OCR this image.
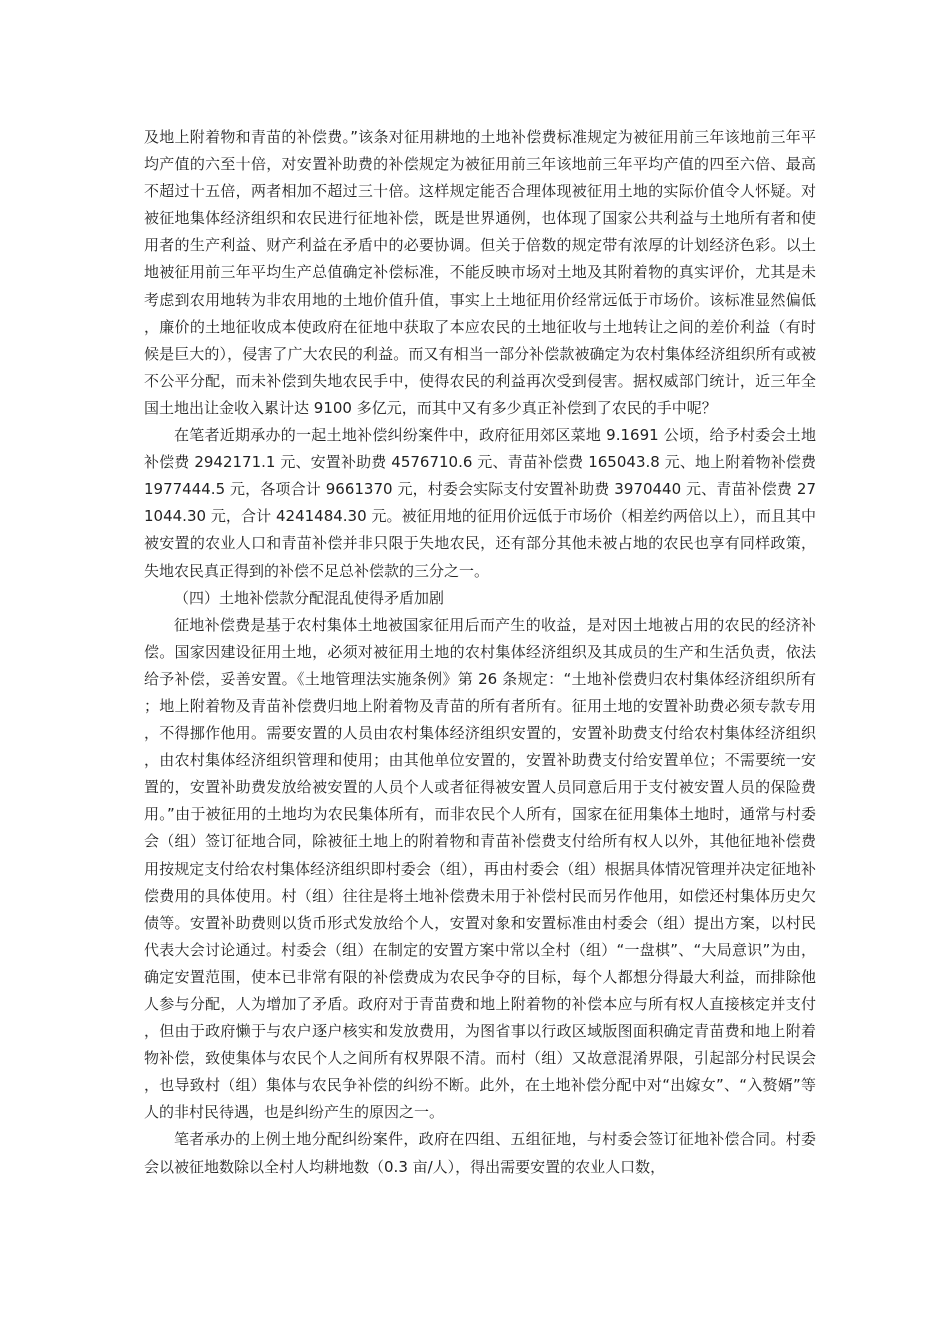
及地上附着物和青苗的补偿费。”该条对征用耕地的土地补偿费标准规定为被征用前三年该地前三年平均产值的六至十倍，对安置补助费的补偿规定为被征用前三年该地前三年平均产值的四至六倍、最高不超过十五倍，两者相加不超过三十倍。这样规定能否合理体现被征用土地的实际价值令人怀疑。对被征地集体经济组织和农民进行征地补偿，既是世界通例，也体现了国家公共利益与土地所有者和使用者的生产利益、财产利益在矛盾中的必要协调。但关于倍数的规定带有浓厚的计划经济色彩。以土地被征用前三年平均生产总值确定补偿标准，不能反映市场对土地及其附着物的真实评价，尤其是未考虑到农用地转为非农用地的土地价值升值，事实上土地征用价经常远低于市场价。该标准显然偏低，廉价的土地征收成本使政府在征地中获取了本应农民的土地征收与土地转让之间的差价利益（有时候是巨大的），侵害了广大农民的利益。而又有相当一部分补偿款被确定为农村集体经济组织所有或被不公平分配，而未补偿到失地农民手中，使得农民的利益再次受到侵害。据权威部门统计，近三年全国土地出让金收入累计达 9100 多亿元，而其中又有多少真正补偿到了农民的手中呢？

在笔者近期承办的一起土地补偿纠纷案件中，政府征用郊区菜地 9.1691 公顷，给予村委会土地补偿费 2942171.1 元、安置补助费 4576710.6 元、青苗补偿费 165043.8 元、地上附着物补偿费 1977444.5 元，各项合计 9661370 元，村委会实际支付安置补助费 3970440 元、青苗补偿费 271044.30 元，合计 4241484.30 元。被征用地的征用价远低于市场价（相差约两倍以上），而且其中被安置的农业人口和青苗补偿并非只限于失地农民，还有部分其他未被占地的农民也享有同样政策，失地农民真正得到的补偿不足总补偿款的三分之一。

（四）土地补偿款分配混乱使得矛盾加剧

征地补偿费是基于农村集体土地被国家征用后而产生的收益，是对因土地被占用的农民的经济补偿。国家因建设征用土地，必须对被征用土地的农村集体经济组织及其成员的生产和生活负责，依法给予补偿，妥善安置。《土地管理法实施条例》第 26 条规定：“土地补偿费归农村集体经济组织所有；地上附着物及青苗补偿费归地上附着物及青苗的所有者所有。征用土地的安置补助费必须专款专用，不得挪作他用。需要安置的人员由农村集体经济组织安置的，安置补助费支付给农村集体经济组织，由农村集体经济组织管理和使用；由其他单位安置的，安置补助费支付给安置单位；不需要统一安置的，安置补助费发放给被安置的人员个人或者征得被安置人员同意后用于支付被安置人员的保险费用。”由于被征用的土地均为农民集体所有，而非农民个人所有，国家在征用集体土地时，通常与村委会（组）签订征地合同，除被征土地上的附着物和青苗补偿费支付给所有权人以外，其他征地补偿费用按规定支付给农村集体经济组织即村委会（组），再由村委会（组）根据具体情况管理并决定征地补偿费用的具体使用。村（组）往往是将土地补偿费未用于补偿村民而另作他用，如偿还村集体历史欠债等。安置补助费则以货币形式发放给个人，安置对象和安置标准由村委会（组）提出方案，以村民代表大会讨论通过。村委会（组）在制定的安置方案中常以全村（组）“一盘棋”、“大局意识”为由，确定安置范围，使本已非常有限的补偿费成为农民争夺的目标，每个人都想分得最大利益，而排除他人参与分配，人为增加了矛盾。政府对于青苗费和地上附着物的补偿本应与所有权人直接核定并支付，但由于政府懒于与农户逐户核实和发放费用，为图省事以行政区域版图面积确定青苗费和地上附着物补偿，致使集体与农民个人之间所有权界限不清。而村（组）又故意混淆界限，引起部分村民误会，也导致村（组）集体与农民争补偿的纠纷不断。此外，在土地补偿分配中对“出嫁女”、“入赘婿”等人的非村民待遇，也是纠纷产生的原因之一。

笔者承办的上例土地分配纠纷案件，政府在四组、五组征地，与村委会签订征地补偿合同。村委会以被征地数除以全村人均耕地数（0.3 亩/人），得出需要安置的农业人口数，
